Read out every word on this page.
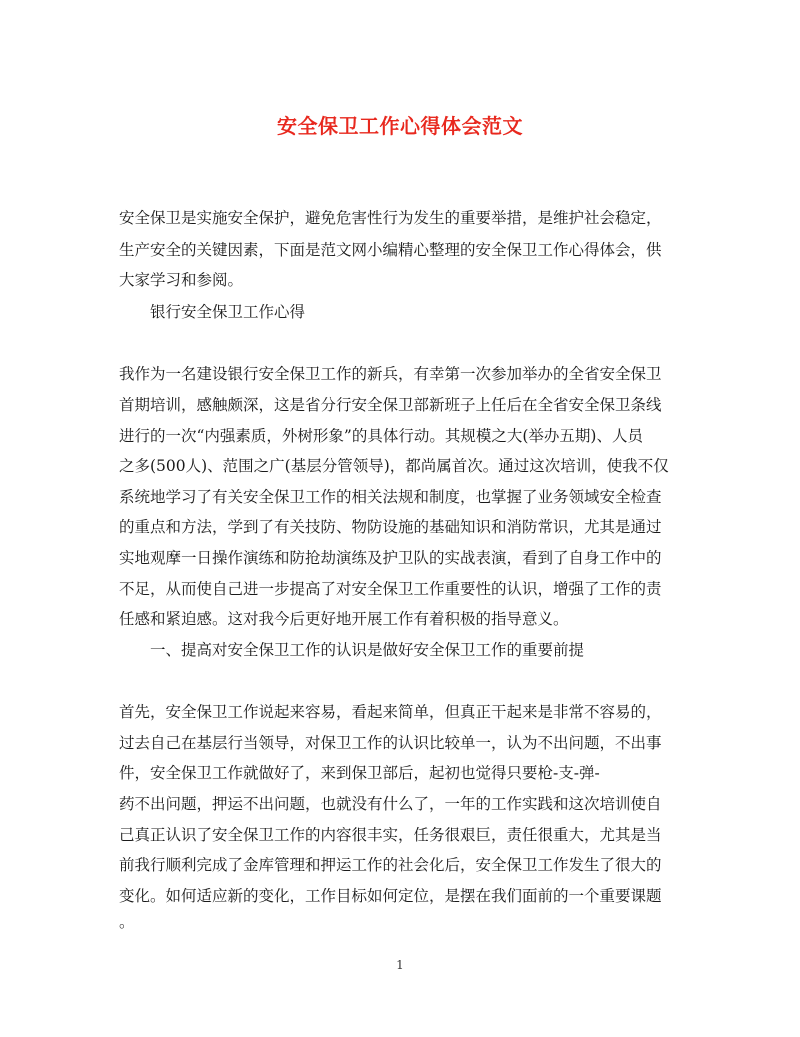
安全保卫工作心得体会范文
安全保卫是实施安全保护，避免危害性行为发生的重要举措，是维护社会稳定，
生产安全的关键因素，下面是范文网小编精心整理的安全保卫工作心得体会，供
大家学习和参阅。
银行安全保卫工作心得
我作为一名建设银行安全保卫工作的新兵，有幸第一次参加举办的全省安全保卫
首期培训，感触颇深，这是省分行安全保卫部新班子上任后在全省安全保卫条线
进行的一次“内强素质，外树形象”的具体行动。其规模之大(举办五期)、人员
之多(500人)、范围之广(基层分管领导)，都尚属首次。通过这次培训，使我不仅
系统地学习了有关安全保卫工作的相关法规和制度，也掌握了业务领域安全检查
的重点和方法，学到了有关技防、物防设施的基础知识和消防常识，尤其是通过
实地观摩一日操作演练和防抢劫演练及护卫队的实战表演，看到了自身工作中的
不足，从而使自己进一步提高了对安全保卫工作重要性的认识，增强了工作的责
任感和紧迫感。这对我今后更好地开展工作有着积极的指导意义。
一、提高对安全保卫工作的认识是做好安全保卫工作的重要前提
首先，安全保卫工作说起来容易，看起来简单，但真正干起来是非常不容易的，
过去自己在基层行当领导，对保卫工作的认识比较单一，认为不出问题，不出事
件，安全保卫工作就做好了，来到保卫部后，起初也觉得只要枪-支-弹-
药不出问题，押运不出问题，也就没有什么了，一年的工作实践和这次培训使自
己真正认识了安全保卫工作的内容很丰实，任务很艰巨，责任很重大，尤其是当
前我行顺利完成了金库管理和押运工作的社会化后，安全保卫工作发生了很大的
变化。如何适应新的变化，工作目标如何定位，是摆在我们面前的一个重要课题
。
1
